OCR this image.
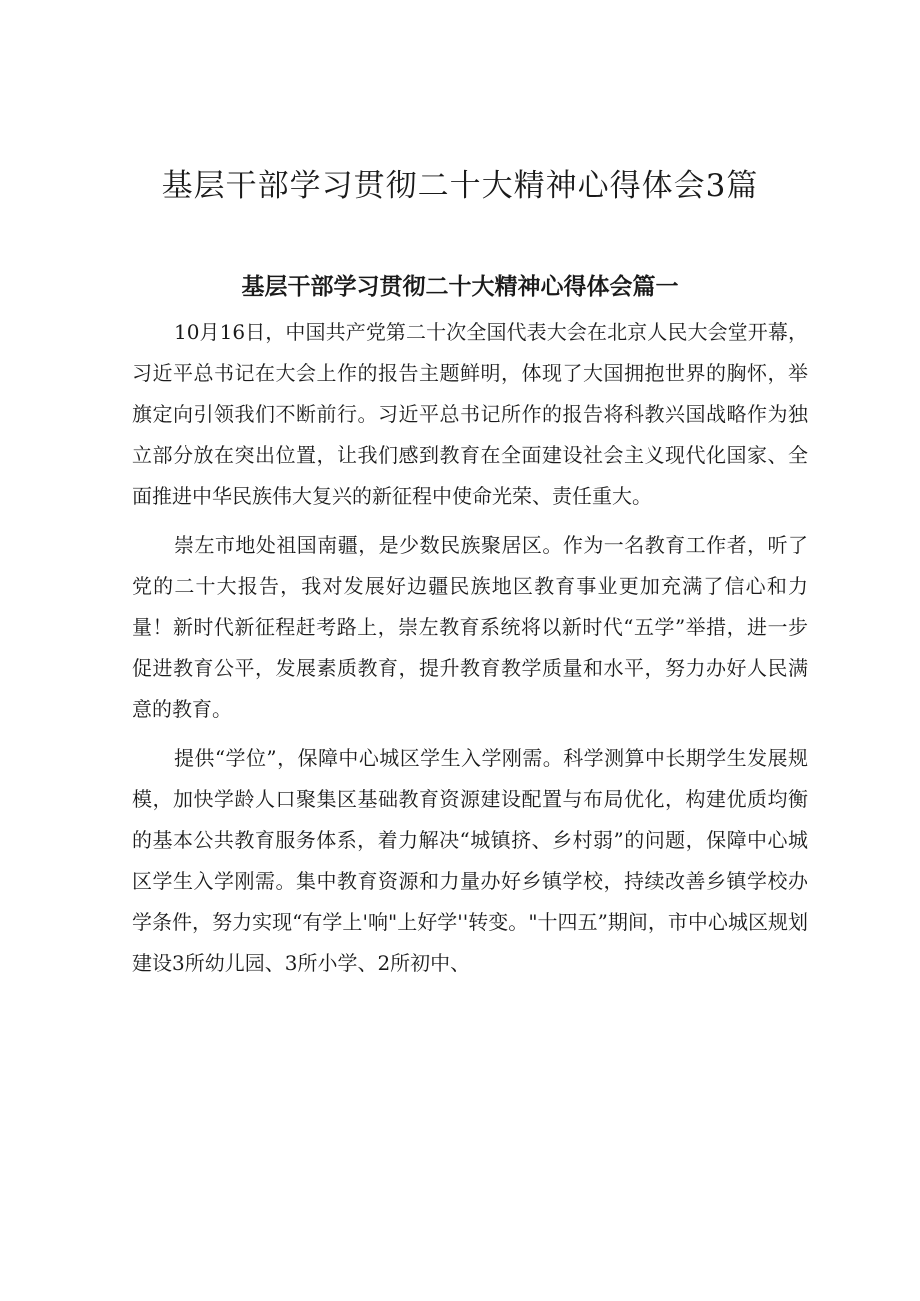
基层干部学习贯彻二十大精神心得体会3篇
基层干部学习贯彻二十大精神心得体会篇一

10月16日，中国共产党第二十次全国代表大会在北京人民大会堂开幕，习近平总书记在大会上作的报告主题鲜明，体现了大国拥抱世界的胸怀，举旗定向引领我们不断前行。习近平总书记所作的报告将科教兴国战略作为独立部分放在突出位置，让我们感到教育在全面建设社会主义现代化国家、全面推进中华民族伟大复兴的新征程中使命光荣、责任重大。

崇左市地处祖国南疆，是少数民族聚居区。作为一名教育工作者，听了党的二十大报告，我对发展好边疆民族地区教育事业更加充满了信心和力量！新时代新征程赶考路上，崇左教育系统将以新时代“五学”举措，进一步促进教育公平，发展素质教育，提升教育教学质量和水平，努力办好人民满意的教育。

提供“学位”，保障中心城区学生入学刚需。科学测算中长期学生发展规模，加快学龄人口聚集区基础教育资源建设配置与布局优化，构建优质均衡的基本公共教育服务体系，着力解决“城镇挤、乡村弱”的问题，保障中心城区学生入学刚需。集中教育资源和力量办好乡镇学校，持续改善乡镇学校办学条件，努力实现“有学上'响"上好学''转变。"十四五”期间，市中心城区规划建设3所幼儿园、3所小学、2所初中、
